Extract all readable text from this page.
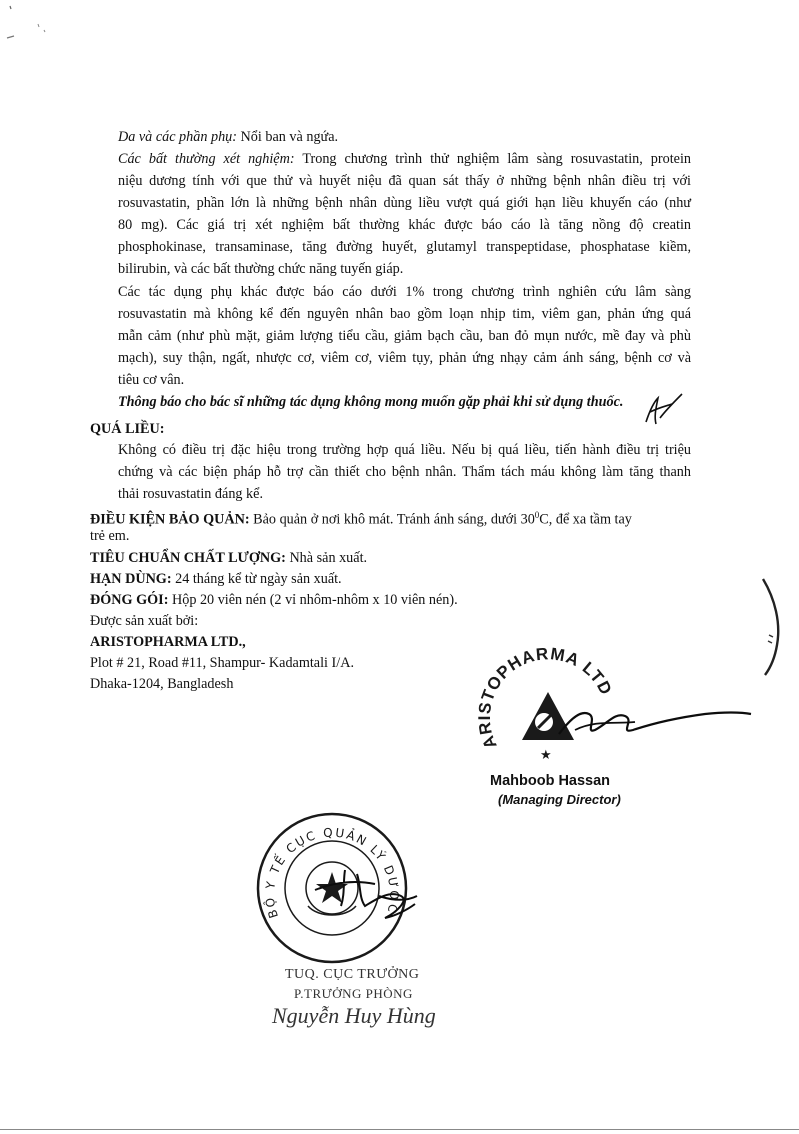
Da và các phần phụ: Nổi ban và ngứa.
Các bất thường xét nghiệm: Trong chương trình thử nghiệm lâm sàng rosuvastatin, protein
niệu dương tính với que thử và huyết niệu đã quan sát thấy ở những bệnh nhân điều trị với
rosuvastatin, phần lớn là những bệnh nhân dùng liều vượt quá giới hạn liều khuyến cáo (như
80 mg). Các giá trị xét nghiệm bất thường khác được báo cáo là tăng nồng độ creatin
phosphokinase, transaminase, tăng đường huyết, glutamyl transpeptidase, phosphatase kiềm,
bilirubin, và các bất thường chức năng tuyến giáp.
Các tác dụng phụ khác được báo cáo dưới 1% trong chương trình nghiên cứu lâm sàng
rosuvastatin mà không kể đến nguyên nhân bao gồm loạn nhịp tim, viêm gan, phản ứng quá
mẫn cảm (như phù mặt, giảm lượng tiểu cầu, giảm bạch cầu, ban đỏ mụn nước, mề đay và phù
mạch), suy thận, ngất, nhược cơ, viêm cơ, viêm tụy, phản ứng nhạy cảm ánh sáng, bệnh cơ và
tiêu cơ vân.
Thông báo cho bác sĩ những tác dụng không mong muốn gặp phải khi sử dụng thuốc.
QUÁ LIỀU:
Không có điều trị đặc hiệu trong trường hợp quá liều. Nếu bị quá liều, tiến hành điều trị triệu
chứng và các biện pháp hỗ trợ cần thiết cho bệnh nhân. Thẩm tách máu không làm tăng thanh
thải rosuvastatin đáng kể.
ĐIỀU KIỆN BẢO QUẢN: Bảo quản ở nơi khô mát. Tránh ánh sáng, dưới $30^0C$, để xa tầm tay
trẻ em.
TIÊU CHUẨN CHẤT LƯỢNG: Nhà sản xuất.
HẠN DÙNG: 24 tháng kể từ ngày sản xuất.
ĐÓNG GÓI: Hộp 20 viên nén (2 vỉ nhôm-nhôm x 10 viên nén).
Được sản xuất bởi:
ARISTOPHARMA LTD.,
Plot # 21, Road #11, Shampur- Kadamtali I/A.
Dhaka-1204, Bangladesh
ARISTOPHARMA LTD
★
Mahboob Hassan
(Managing Director)
BỘ Y TẾ CỤC QUẢN LÝ DƯỢC
TUQ. CỤC TRƯỞNG
P.TRƯỞNG PHÒNG
Nguyễn Huy Hùng
